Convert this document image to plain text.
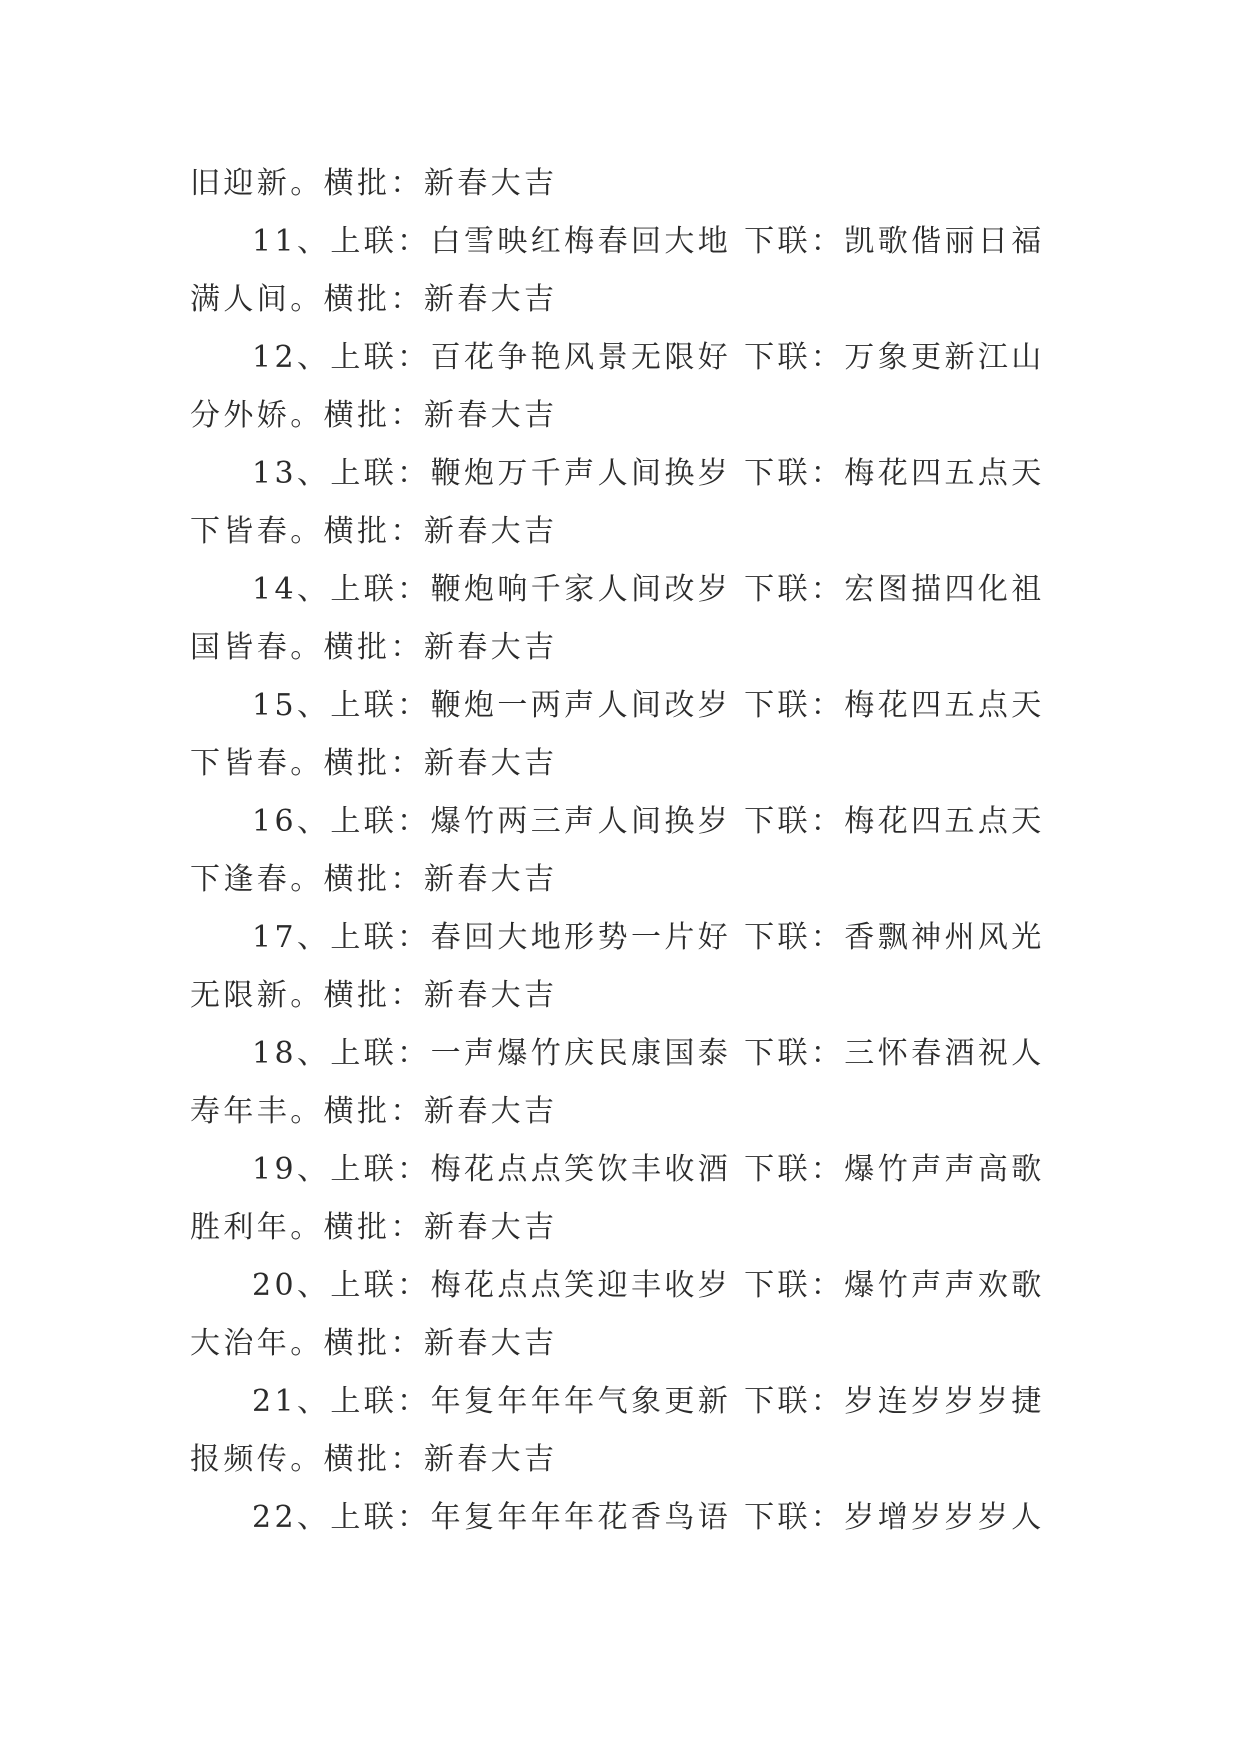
旧迎新。横批：新春大吉
11、上联：白雪映红梅春回大地 下联：凯歌偕丽日福
满人间。横批：新春大吉
12、上联：百花争艳风景无限好 下联：万象更新江山
分外娇。横批：新春大吉
13、上联：鞭炮万千声人间换岁 下联：梅花四五点天
下皆春。横批：新春大吉
14、上联：鞭炮响千家人间改岁 下联：宏图描四化祖
国皆春。横批：新春大吉
15、上联：鞭炮一两声人间改岁 下联：梅花四五点天
下皆春。横批：新春大吉
16、上联：爆竹两三声人间换岁 下联：梅花四五点天
下逢春。横批：新春大吉
17、上联：春回大地形势一片好 下联：香飘神州风光
无限新。横批：新春大吉
18、上联：一声爆竹庆民康国泰 下联：三怀春酒祝人
寿年丰。横批：新春大吉
19、上联：梅花点点笑饮丰收酒 下联：爆竹声声高歌
胜利年。横批：新春大吉
20、上联：梅花点点笑迎丰收岁 下联：爆竹声声欢歌
大治年。横批：新春大吉
21、上联：年复年年年气象更新 下联：岁连岁岁岁捷
报频传。横批：新春大吉
22、上联：年复年年年花香鸟语 下联：岁增岁岁岁人
